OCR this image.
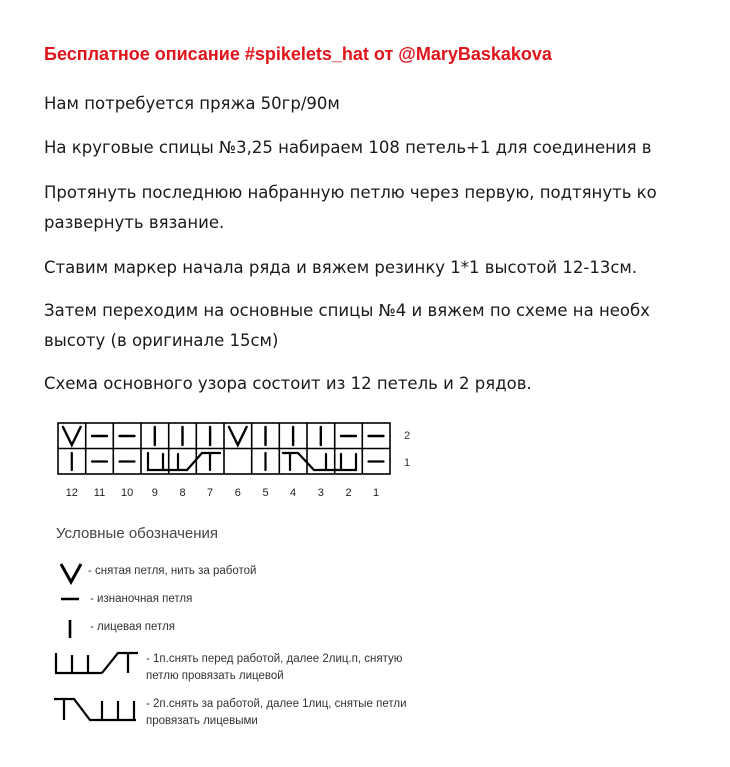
Бесплатное описание #spikelets_hat от @MaryBaskakova
Нам потребуется пряжа 50гр/90м
На круговые спицы №3,25 набираем 108 петель+1 для соединения в
Протянуть последнюю набранную петлю через первую, подтянуть ко
развернуть вязание.
Ставим маркер начала ряда и вяжем резинку 1*1 высотой 12-13см.
Затем переходим на основные спицы №4 и вяжем по схеме на необх
высоту (в оригинале 15см)
Схема основного узора состоит из 12 петель и 2 рядов.
2
1
12 11 10 9 8 7 6 5 4 3 2 1
Условные обозначения
- снятая петля, нить за работой
- изнаночная петля
- лицевая петля
- 1п.снять перед работой, далее 2лиц.п, снятую
петлю провязать лицевой
- 2п.снять за работой, далее 1лиц, снятые петли
провязать лицевыми
